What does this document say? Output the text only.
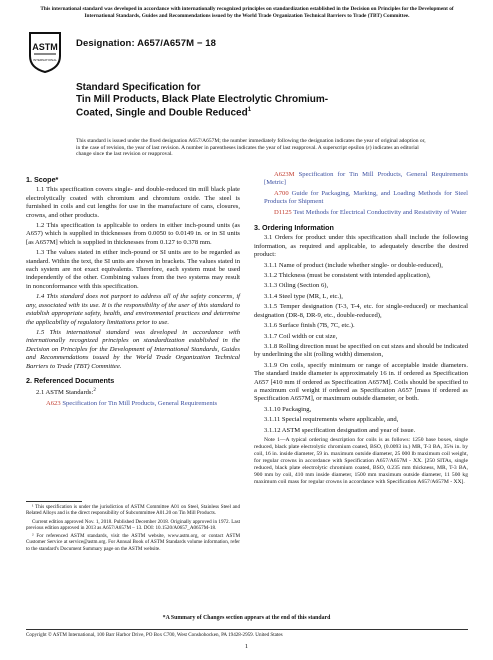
This international standard was developed in accordance with internationally recognized principles on standardization established in the Decision on Principles for the Development of International Standards, Guides and Recommendations issued by the World Trade Organization Technical Barriers to Trade (TBT) Committee.
ASTM
INTERNATIONAL
Designation: A657/A657M − 18
Standard Specification for
Tin Mill Products, Black Plate Electrolytic Chromium-
Coated, Single and Double Reduced$^1$
This standard is issued under the fixed designation A657/A657M; the number immediately following the designation indicates the year of original adoption or, in the case of revision, the year of last revision. A number in parentheses indicates the year of last reapproval. A superscript epsilon (ε) indicates an editorial change since the last revision or reapproval.

1. Scope*

1.1 This specification covers single- and double-reduced tin mill black plate electrolytically coated with chromium and chromium oxide. The steel is furnished in coils and cut lengths for use in the manufacture of cans, closures, crowns, and other products.

1.2 This specification is applicable to orders in either inch-pound units (as A657) which is supplied in thicknesses from 0.0050 to 0.0149 in. or in SI units [as A657M] which is supplied in thicknesses from 0.127 to 0.378 mm.

1.3 The values stated in either inch-pound or SI units are to be regarded as standard. Within the text, the SI units are shown in brackets. The values stated in each system are not exact equivalents. Therefore, each system must be used independently of the other. Combining values from the two systems may result in nonconformance with this specification.

1.4 This standard does not purport to address all of the safety concerns, if any, associated with its use. It is the responsibility of the user of this standard to establish appropriate safety, health, and environmental practices and determine the applicability of regulatory limitations prior to use.

1.5 This international standard was developed in accordance with internationally recognized principles on standardization established in the Decision on Principles for the Development of International Standards, Guides and Recommendations issued by the World Trade Organization Technical Barriers to Trade (TBT) Committee.

2. Referenced Documents

2.1 ASTM Standards:$^2$

A623 Specification for Tin Mill Products, General Requirements

¹ This specification is under the jurisdiction of ASTM Committee A01 on Steel, Stainless Steel and Related Alloys and is the direct responsibility of Subcommittee A01.20 on Tin Mill Products.

Current edition approved Nov. 1, 2018. Published December 2018. Originally approved in 1972. Last previous edition approved in 2013 as A657/A657M – 13. DOI: 10.1520/A0657_A0657M-18.

² For referenced ASTM standards, visit the ASTM website, www.astm.org, or contact ASTM Customer Service at service@astm.org. For Annual Book of ASTM Standards volume information, refer to the standard's Document Summary page on the ASTM website.

A623M Specification for Tin Mill Products, General Requirements [Metric]

A700 Guide for Packaging, Marking, and Loading Methods for Steel Products for Shipment

D1125 Test Methods for Electrical Conductivity and Resistivity of Water

3. Ordering Information

3.1 Orders for product under this specification shall include the following information, as required and applicable, to adequately describe the desired product:

3.1.1 Name of product (include whether single- or double-reduced),

3.1.2 Thickness (must be consistent with intended application),

3.1.3 Oiling (Section 6),

3.1.4 Steel type (MR, L, etc.),

3.1.5 Temper designation (T-3, T-4, etc. for single-reduced) or mechanical designation (DR-8, DR-9, etc., double-reduced),

3.1.6 Surface finish (7B, 7C, etc.).

3.1.7 Coil width or cut size,

3.1.8 Rolling direction must be specified on cut sizes and should be indicated by underlining the slit (rolling width) dimension,

3.1.9 On coils, specify minimum or range of acceptable inside diameters. The standard inside diameter is approximately 16 in. if ordered as Specification A657 [410 mm if ordered as Specification A657M]. Coils should be specified to a maximum coil weight if ordered as Specification A657 [mass if ordered as Specification A657M], or maximum outside diameter, or both.

3.1.10 Packaging,

3.1.11 Special requirements where applicable, and,

3.1.12 ASTM specification designation and year of issue.

Note 1—A typical ordering description for coils is as follows: 1250 base boxes, single reduced, black plate electrolytic chromium coated, BSO, (0.0093 in.) MR, T-3 BA, 35¾ in. by coil, 16 in. inside diameter, 59 in. maximum outside diameter, 25 000 lb maximum coil weight, for regular crowns in accordance with Specification A657/A657M - XX. [250 SITAs, single reduced, black plate electrolytic chromium coated, BSO, 0.235 mm thickness, MR, T-3 BA, 900 mm by coil, 410 mm inside diameter, 1500 mm maximum outside diameter, 11 500 kg maximum coil mass for regular crowns in accordance with Specification A657/A657M - XX].

*A Summary of Changes section appears at the end of this standard
Copyright © ASTM International, 100 Barr Harbor Drive, PO Box C700, West Conshohocken, PA 19428-2959. United States
1
